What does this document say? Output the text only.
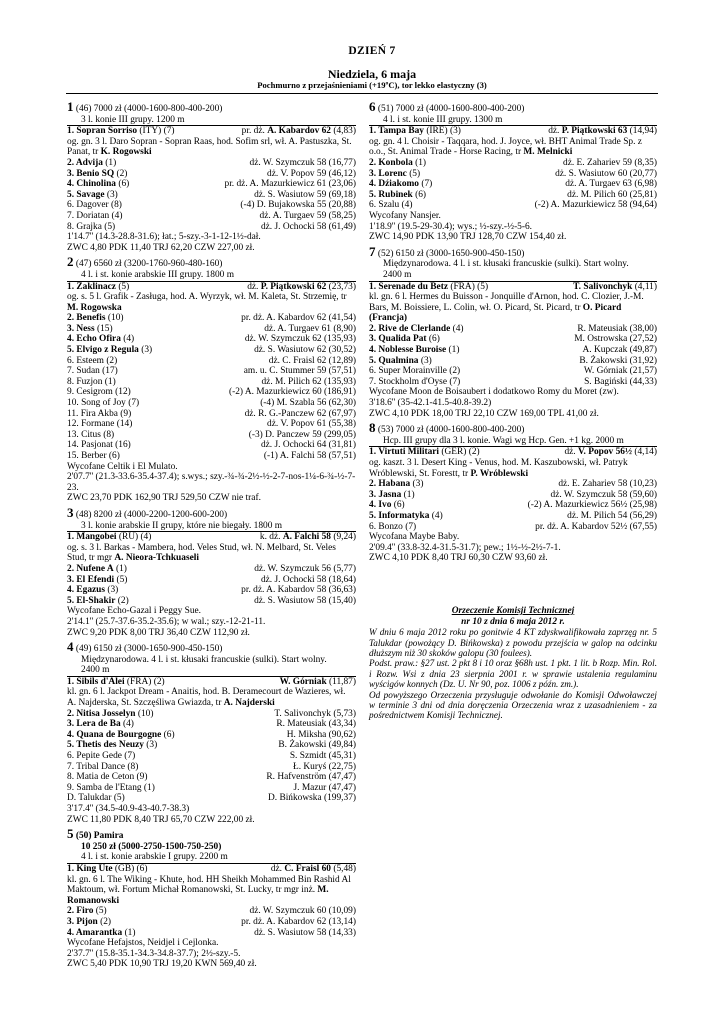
DZIEŃ 7
Niedziela, 6 maja
Pochmurno z przejaśnieniami (+19ºC), tor lekko elastyczny (3)
1 (46) 7000 zł (4000-1600-800-400-200)
3 l. konie III grupy. 1200 m
1. Sopran Sorriso (ITY) (7)	pr. dż. A. Kabardov 62 (4,83)
og. gn. 3 l. Daro Sopran - Sopran Raas, hod. Sofim srl, wł. A. Pastuszka, St. Panat, tr K. Rogowski
2. Advija (1)	dż. W. Szymczuk 58 (16,77)
3. Benio SQ (2)	dż. V. Popov 59 (46,12)
4. Chinolina (6)	pr. dż. A. Mazurkiewicz 61 (23,06)
5. Savage (3)	dż. S. Wasiutow 59 (69,18)
6. Dagover (8)	(-4) D. Bujakowska 55 (20,88)
7. Doriatan (4)	dż. A. Turgaev 59 (58,25)
8. Grajka (5)	dż. J. Ochocki 58 (61,49)
1'14.7'' (14.3-28.8-31.6); łat.; 5-szy.-3-1-12-1½-dał.
ZWC 4,80 PDK 11,40 TRJ 62,20 CZW 227,00 zł.
2 (47) 6560 zł (3200-1760-960-480-160)
4 l. i st. konie arabskie III grupy. 1800 m
1. Zaklinacz (5)	dż. P. Piątkowski 62 (23,73)
og. s. 5 l. Grafik - Zasługa, hod. A. Wyrzyk, wł. M. Kaleta, St. Strzemię, tr M. Rogowska
2. Benefis (10)	pr. dż. A. Kabardov 62 (41,54)
3. Ness (15)	dż. A. Turgaev 61 (8,90)
4. Echo Ofira (4)	dż. W. Szymczuk 62 (135,93)
5. Elvigo z Regula (3)	dż. S. Wasiutow 62 (30,52)
6. Esteem (2)	dż. C. Fraisl 62 (12,89)
7. Sudan (17)	am. u. C. Stummer 59 (57,51)
8. Fuzjon (1)	dż. M. Pilich 62 (135,93)
9. Cesigrom (12)	(-2) A. Mazurkiewicz 60 (186,91)
10. Song of Joy (7)	(-4) M. Szabla 56 (62,30)
11. Fira Akba (9)	dż. R. G.-Panczew 62 (67,97)
12. Formane (14)	dż. V. Popov 61 (55,38)
13. Citus (8)	(-3) D. Panczew 59 (299,05)
14. Pasjonat (16)	dż. J. Ochocki 64 (31,81)
15. Berber (6)	(-1) A. Falchi 58 (57,51)
Wycofane Celtik i El Mulato.
2'07.7'' (21.3-33.6-35.4-37.4); s.wys.; szy.-¾-¾-2½-½-2-7-nos-1¼-6-¾-½-7-23.
ZWC 23,70 PDK 162,90 TRJ 529,50 CZW nie traf.
3 (48) 8200 zł (4000-2200-1200-600-200)
3 l. konie arabskie II grupy, które nie biegały. 1800 m
1. Mangobei (RU) (4)	k. dż. A. Falchi 58 (9,24)
og. s. 3 l. Barkas - Mambera, hod. Veles Stud, wł. N. Melbard, St. Veles Stud, tr mgr A. Nieora-Tchkuaseli
2. Nufene A (1)	dż. W. Szymczuk 56 (5,77)
3. El Efendi (5)	dż. J. Ochocki 58 (18,64)
4. Egazus (3)	pr. dż. A. Kabardov 58 (36,63)
5. El-Shakir (2)	dż. S. Wasiutow 58 (15,40)
Wycofane Echo-Gazal i Peggy Sue.
2'14.1'' (25.7-37.6-35.2-35.6); w wal.; szy.-12-21-11.
ZWC 9,20 PDK 8,00 TRJ 36,40 CZW 112,90 zł.
4 (49) 6150 zł (3000-1650-900-450-150)
Międzynarodowa. 4 l. i st. kłusaki francuskie (sulki). Start wolny.
2400 m
1. Sibils d'Alei (FRA) (2)	W. Górniak (11,87)
kl. gn. 6 l. Jackpot Dream - Anaitis, hod. B. Deramecourt de Wazieres, wł. A. Najderska, St. Szczęśliwa Gwiazda, tr A. Najderski
2. Nitisa Josselyn (10)	T. Salivonchyk (5,73)
3. Lera de Ba (4)	R. Mateusiak (43,34)
4. Quana de Bourgogne (6)	H. Miksha (90,62)
5. Thetis des Neuzy (3)	B. Żakowski (49,84)
6. Pepite Gede (7)	S. Szmidt (45,31)
7. Tribal Dance (8)	Ł. Kuryś (22,75)
8. Matia de Ceton (9)	R. Hafvenström (47,47)
9. Samba de l'Etang (1)	J. Mazur (47,47)
D. Talukdar (5)	D. Bińkowska (199,37)
3'17.4'' (34.5-40.9-43-40.7-38.3)
ZWC 11,80 PDK 8,40 TRJ 65,70 CZW 222,00 zł.
5 (50) Pamira
10 250 zł (5000-2750-1500-750-250)
4 l. i st. konie arabskie I grupy. 2200 m
1. King Ute (GB) (6)	dż. C. Fraisl 60 (5,48)
kl. gn. 6 l. The Wiking - Khute, hod. HH Sheikh Mohammed Bin Rashid Al Maktoum, wł. Fortum Michał Romanowski, St. Lucky, tr mgr inż. M. Romanowski
2. Firo (5)	dż. W. Szymczuk 60 (10,09)
3. Pijon (2)	pr. dż. A. Kabardov 62 (13,14)
4. Amarantka (1)	dż. S. Wasiutow 58 (14,33)
Wycofane Hefajstos, Neidjel i Cejlonka.
2'37.7'' (15.8-35.1-34.3-34.8-37.7); 2½-szy.-5.
ZWC 5,40 PDK 10,90 TRJ 19,20 KWN 569,40 zł.
6 (51) 7000 zł (4000-1600-800-400-200)
4 l. i st. konie III grupy. 1300 m
1. Tampa Bay (IRE) (3)	dż. P. Piątkowski 63 (14,94)
og. gn. 4 l. Choisir - Taqqara, hod. J. Joyce, wł. BHT Animal Trade Sp. z o.o., St. Animal Trade - Horse Racing, tr M. Melnicki
2. Konbola (1)	dż. E. Zahariev 59 (8,35)
3. Lorenc (5)	dż. S. Wasiutow 60 (20,77)
4. Dźiakomo (7)	dż. A. Turgaev 63 (6,98)
5. Rubinek (6)	dż. M. Pilich 60 (25,81)
6. Szalu (4)	(-2) A. Mazurkiewicz 58 (94,64)
Wycofany Nansjer.
1'18.9'' (19.5-29-30.4); wys.; ½-szy.-½-5-6.
ZWC 14,90 PDK 13,90 TRJ 128,70 CZW 154,40 zł.
7 (52) 6150 zł (3000-1650-900-450-150)
Międzynarodowa. 4 l. i st. kłusaki francuskie (sulki). Start wolny.
2400 m
1. Serenade du Betz (FRA) (5)	T. Salivonchyk (4,11)
kl. gn. 6 l. Hermes du Buisson - Jonquille d'Arnon, hod. C. Clozier, J.-M. Bars, M. Boissiere, L. Colin, wł. O. Picard, St. Picard, tr O. Picard (Francja)
2. Rive de Clerlande (4)	R. Mateusiak (38,00)
3. Qualida Pat (6)	M. Ostrowska (27,52)
4. Noblesse Buroise (1)	A. Kupczak (49,87)
5. Qualmina (3)	B. Żakowski (31,92)
6. Super Morainville (2)	W. Górniak (21,57)
7. Stockholm d'Oyse (7)	S. Bagiński (44,33)
Wycofane Moon de Boisaubert i dodatkowo Romy du Moret (zw).
3'18.6'' (35-42.1-41.5-40.8-39.2)
ZWC 4,10 PDK 18,00 TRJ 22,10 CZW 169,00 TPL 41,00 zł.
8 (53) 7000 zł (4000-1600-800-400-200)
Hcp. III grupy dla 3 l. konie. Wagi wg Hcp. Gen. +1 kg. 2000 m
1. Virtuti Militari (GER) (2)	dż. V. Popov 56½ (4,14)
og. kaszt. 3 l. Desert King - Venus, hod. M. Kaszubowski, wł. Patryk Wróblewski, St. Forestt, tr P. Wróblewski
2. Habana (3)	dż. E. Zahariev 58 (10,23)
3. Jasna (1)	dż. W. Szymczuk 58 (59,60)
4. Ivo (6)	(-2) A. Mazurkiewicz 56½ (25,98)
5. Informatyka (4)	dż. M. Pilich 54 (56,29)
6. Bonzo (7)	pr. dż. A. Kabardov 52½ (67,55)
Wycofana Maybe Baby.
2'09.4'' (33.8-32.4-31.5-31.7); pew.; 1½-½-2½-7-1.
ZWC 4,10 PDK 8,40 TRJ 60,30 CZW 93,60 zł.
Orzeczenie Komisji Technicznej
nr 10 z dnia 6 maja 2012 r.
W dniu 6 maja 2012 roku po gonitwie 4 KT zdyskwalifikowała zaprzęg nr. 5 Talukdar (powożący D. Bińkowska) z powodu przejścia w galop na odcinku dłuższym niż 30 skoków galopu (30 foulees).
Podst. praw.: §27 ust. 2 pkt 8 i 10 oraz §68h ust. 1 pkt. 1 lit. b Rozp. Min. Rol. i Rozw. Wsi z dnia 23 sierpnia 2001 r. w sprawie ustalenia regulaminu wyścigów konnych (Dz. U. Nr 90, poz. 1006 z późn. zm.).
Od powyższego Orzeczenia przysługuje odwołanie do Komisji Odwoławczej w terminie 3 dni od dnia doręczenia Orzeczenia wraz z uzasadnieniem - za pośrednictwem Komisji Technicznej.
